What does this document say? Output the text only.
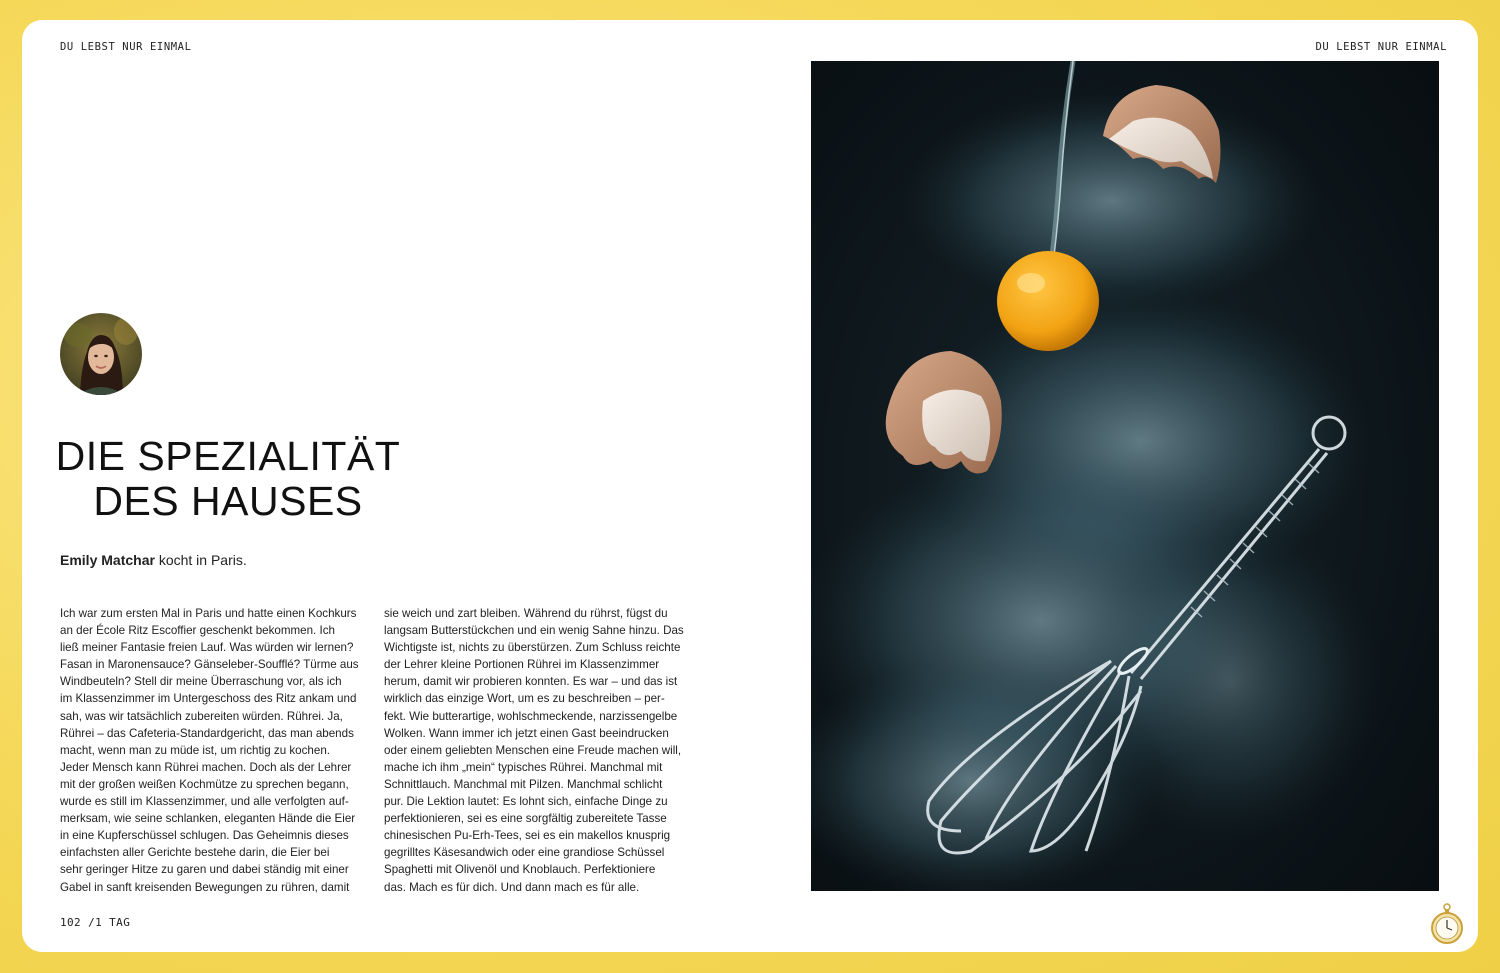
DU LEBST NUR EINMAL	DU LEBST NUR EINMAL
DIE SPEZIALITÄT
DES HAUSES
Emily Matchar kocht in Paris.
Ich war zum ersten Mal in Paris und hatte einen Kochkurs
an der École Ritz Escoffier geschenkt bekommen. Ich
ließ meiner Fantasie freien Lauf. Was würden wir lernen?
Fasan in Maronensauce? Gänseleber-Soufflé? Türme aus
Windbeuteln? Stell dir meine Überraschung vor, als ich
im Klassenzimmer im Untergeschoss des Ritz ankam und
sah, was wir tatsächlich zubereiten würden. Rührei. Ja,
Rührei – das Cafeteria-Standardgericht, das man abends
macht, wenn man zu müde ist, um richtig zu kochen.
Jeder Mensch kann Rührei machen. Doch als der Lehrer
mit der großen weißen Kochmütze zu sprechen begann,
wurde es still im Klassenzimmer, und alle verfolgten auf-
merksam, wie seine schlanken, eleganten Hände die Eier
in eine Kupferschüssel schlugen. Das Geheimnis dieses
einfachsten aller Gerichte bestehe darin, die Eier bei
sehr geringer Hitze zu garen und dabei ständig mit einer
Gabel in sanft kreisenden Bewegungen zu rühren, damit
sie weich und zart bleiben. Während du rührst, fügst du
langsam Butterstückchen und ein wenig Sahne hinzu. Das
Wichtigste ist, nichts zu überstürzen. Zum Schluss reichte
der Lehrer kleine Portionen Rührei im Klassenzimmer
herum, damit wir probieren konnten. Es war – und das ist
wirklich das einzige Wort, um es zu beschreiben – per-
fekt. Wie butterartige, wohlschmeckende, narzissengelbe
Wolken. Wann immer ich jetzt einen Gast beeindrucken
oder einem geliebten Menschen eine Freude machen will,
mache ich ihm „mein“ typisches Rührei. Manchmal mit
Schnittlauch. Manchmal mit Pilzen. Manchmal schlicht
pur. Die Lektion lautet: Es lohnt sich, einfache Dinge zu
perfektionieren, sei es eine sorgfältig zubereitete Tasse
chinesischen Pu-Erh-Tees, sei es ein makellos knusprig
gegrilltes Käsesandwich oder eine grandiose Schüssel
Spaghetti mit Olivenöl und Knoblauch. Perfektioniere
das. Mach es für dich. Und dann mach es für alle.
102 /1 TAG
